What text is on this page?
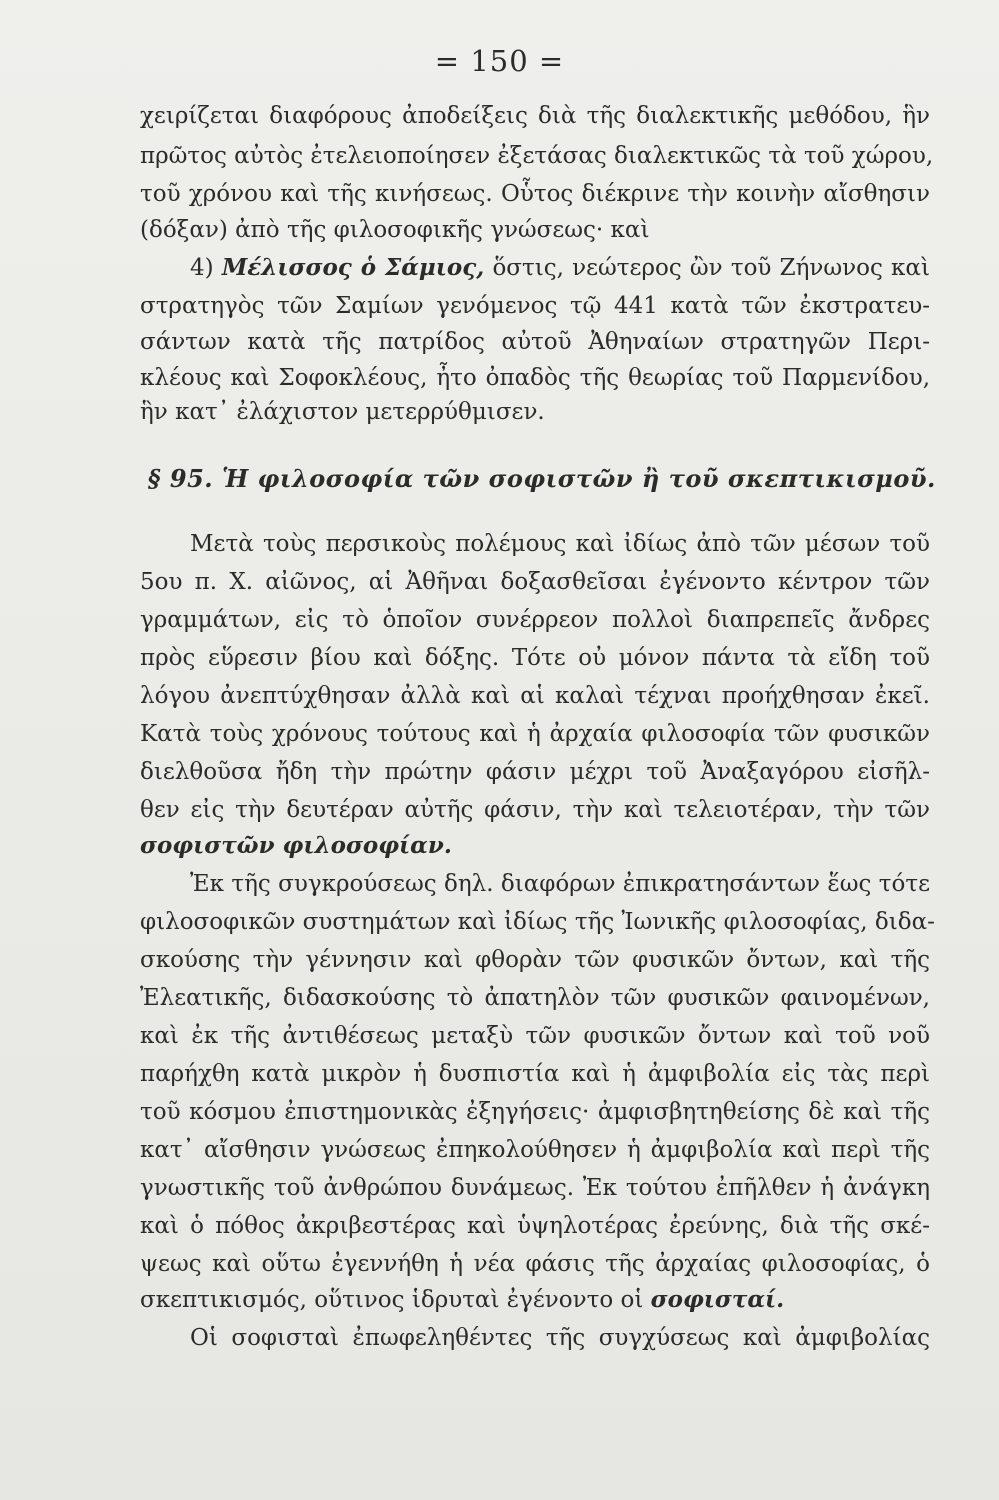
= 150 =
χειρίζεται διαφόρους ἀποδείξεις διὰ τῆς διαλεκτικῆς μεθόδου, ἣν
πρῶτος αὐτὸς ἐτελειοποίησεν ἐξετάσας διαλεκτικῶς τὰ τοῦ χώρου,
τοῦ χρόνου καὶ τῆς κινήσεως. Οὗτος διέκρινε τὴν κοινὴν αἴσθησιν
(δόξαν) ἀπὸ τῆς φιλοσοφικῆς γνώσεως· καὶ
4) Μέλισσος ὁ Σάμιος, ὅστις, νεώτερος ὢν τοῦ Ζήνωνος καὶ
στρατηγὸς τῶν Σαμίων γενόμενος τῷ 441 κατὰ τῶν ἐκστρατευ-
σάντων κατὰ τῆς πατρίδος αὐτοῦ Ἀθηναίων στρατηγῶν Περι-
κλέους καὶ Σοφοκλέους, ἦτο ὀπαδὸς τῆς θεωρίας τοῦ Παρμενίδου,
ἣν κατ᾿ ἐλάχιστον μετερρύθμισεν.
§ 95. Ἡ φιλοσοφία τῶν σοφιστῶν ἢ τοῦ σκεπτικισμοῦ.
Μετὰ τοὺς περσικοὺς πολέμους καὶ ἰδίως ἀπὸ τῶν μέσων τοῦ
5ου π. Χ. αἰῶνος, αἱ Ἀθῆναι δοξασθεῖσαι ἐγένοντο κέντρον τῶν
γραμμάτων, εἰς τὸ ὁποῖον συνέρρεον πολλοὶ διαπρεπεῖς ἄνδρες
πρὸς εὕρεσιν βίου καὶ δόξης. Τότε οὐ μόνον πάντα τὰ εἴδη τοῦ
λόγου ἀνεπτύχθησαν ἀλλὰ καὶ αἱ καλαὶ τέχναι προήχθησαν ἐκεῖ.
Κατὰ τοὺς χρόνους τούτους καὶ ἡ ἀρχαία φιλοσοφία τῶν φυσικῶν
διελθοῦσα ἤδη τὴν πρώτην φάσιν μέχρι τοῦ Ἀναξαγόρου εἰσῆλ-
θεν εἰς τὴν δευτέραν αὐτῆς φάσιν, τὴν καὶ τελειοτέραν, τὴν τῶν
σοφιστῶν φιλοσοφίαν.
Ἐκ τῆς συγκρούσεως δηλ. διαφόρων ἐπικρατησάντων ἕως τότε
φιλοσοφικῶν συστημάτων καὶ ἰδίως τῆς Ἰωνικῆς φιλοσοφίας, διδα-
σκούσης τὴν γέννησιν καὶ φθορὰν τῶν φυσικῶν ὄντων, καὶ τῆς
Ἐλεατικῆς, διδασκούσης τὸ ἀπατηλὸν τῶν φυσικῶν φαινομένων,
καὶ ἐκ τῆς ἀντιθέσεως μεταξὺ τῶν φυσικῶν ὄντων καὶ τοῦ νοῦ
παρήχθη κατὰ μικρὸν ἡ δυσπιστία καὶ ἡ ἀμφιβολία εἰς τὰς περὶ
τοῦ κόσμου ἐπιστημονικὰς ἐξηγήσεις· ἀμφισβητηθείσης δὲ καὶ τῆς
κατ᾿ αἴσθησιν γνώσεως ἐπηκολούθησεν ἡ ἀμφιβολία καὶ περὶ τῆς
γνωστικῆς τοῦ ἀνθρώπου δυνάμεως. Ἐκ τούτου ἐπῆλθεν ἡ ἀνάγκη
καὶ ὁ πόθος ἀκριβεστέρας καὶ ὑψηλοτέρας ἐρεύνης, διὰ τῆς σκέ-
ψεως καὶ οὕτω ἐγεννήθη ἡ νέα φάσις τῆς ἀρχαίας φιλοσοφίας, ὁ
σκεπτικισμός, οὕτινος ἱδρυταὶ ἐγένοντο οἱ σοφισταί.
Οἱ σοφισταὶ ἐπωφεληθέντες τῆς συγχύσεως καὶ ἀμφιβολίας
